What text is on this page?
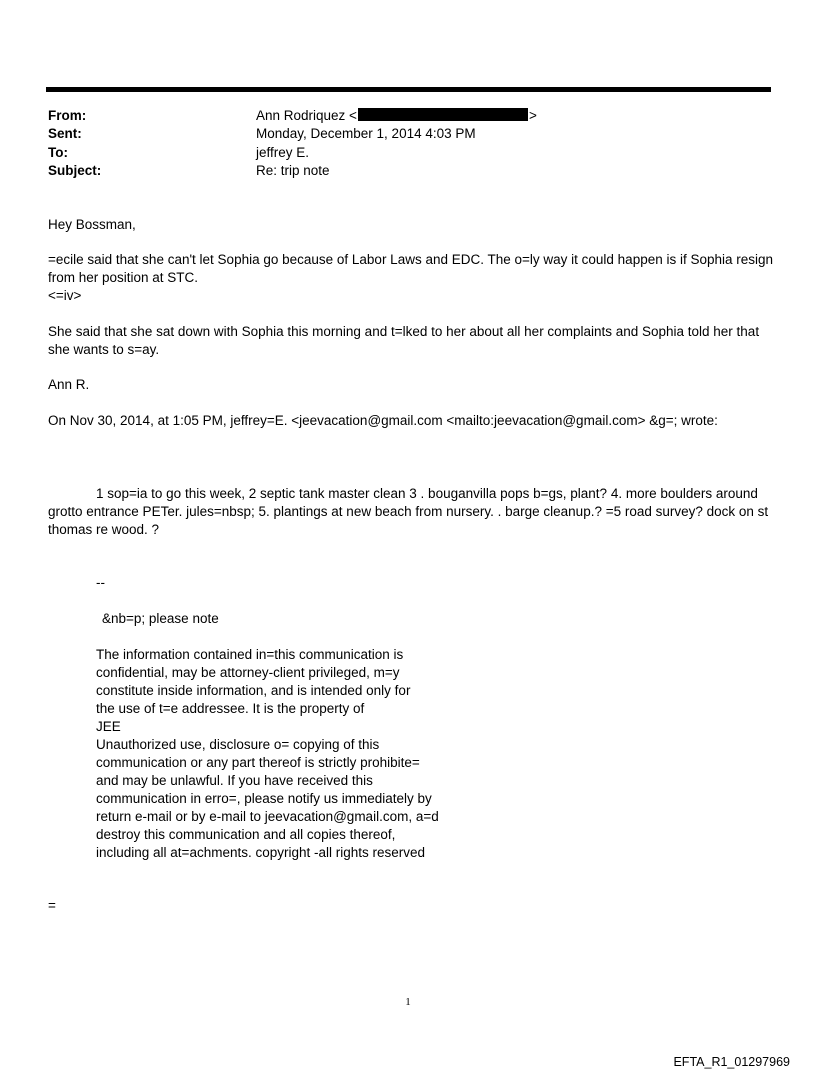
From:	Ann Rodriquez <	>
Sent:	Monday, December 1, 2014 4:03 PM
To:	jeffrey E.
Subject:	Re: trip note

Hey Bossman,

=ecile said that she can't let Sophia go because of Labor Laws and EDC. The o=ly way it could happen is if Sophia resign
from her position at STC.
<=iv>
She said that she sat down with Sophia this morning and t=lked to her about all her complaints and Sophia told her that
she wants to s=ay.

Ann R.

On Nov 30, 2014, at 1:05 PM, jeffrey=E. <jeevacation@gmail.com <mailto:jeevacation@gmail.com> &g=; wrote:

1 sop=ia to go this week, 2 septic tank master clean 3 . bouganvilla pops b=gs, plant? 4. more boulders around grotto entrance PETer. jules=nbsp; 5. plantings at new beach from nursery. . barge cleanup.? =5 road survey? dock on st thomas re wood. ?

--

&nb=p; please note

The information contained in=this communication is
confidential, may be attorney-client privileged, m=y
constitute inside information, and is intended only for
the use of t=e addressee. It is the property of
JEE
Unauthorized use, disclosure o= copying of this
communication or any part thereof is strictly prohibite=
and may be unlawful. If you have received this
communication in erro=, please notify us immediately by
return e-mail or by e-mail to jeevacation@gmail.com, a=d
destroy this communication and all copies thereof,
including all at=achments. copyright -all rights reserved

=

1
EFTA_R1_01297969
